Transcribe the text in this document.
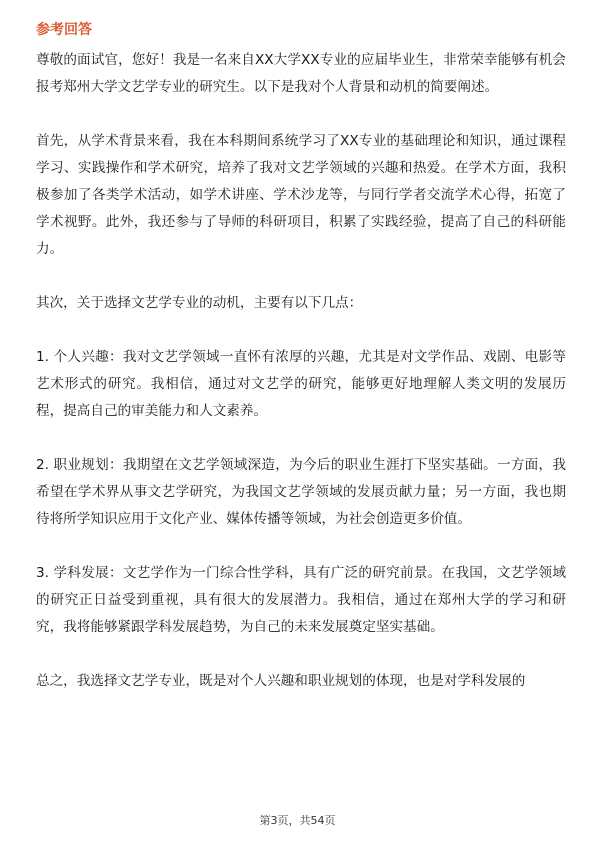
参考回答

尊敬的面试官，您好！我是一名来自XX大学XX专业的应届毕业生，非常荣幸能够有机会报考郑州大学文艺学专业的研究生。以下是我对个人背景和动机的简要阐述。

首先，从学术背景来看，我在本科期间系统学习了XX专业的基础理论和知识，通过课程学习、实践操作和学术研究，培养了我对文艺学领域的兴趣和热爱。在学术方面，我积极参加了各类学术活动，如学术讲座、学术沙龙等，与同行学者交流学术心得，拓宽了学术视野。此外，我还参与了导师的科研项目，积累了实践经验，提高了自己的科研能力。

其次，关于选择文艺学专业的动机，主要有以下几点：

1. 个人兴趣：我对文艺学领域一直怀有浓厚的兴趣，尤其是对文学作品、戏剧、电影等艺术形式的研究。我相信，通过对文艺学的研究，能够更好地理解人类文明的发展历程，提高自己的审美能力和人文素养。

2. 职业规划：我期望在文艺学领域深造，为今后的职业生涯打下坚实基础。一方面，我希望在学术界从事文艺学研究，为我国文艺学领域的发展贡献力量；另一方面，我也期待将所学知识应用于文化产业、媒体传播等领域，为社会创造更多价值。

3. 学科发展：文艺学作为一门综合性学科，具有广泛的研究前景。在我国，文艺学领域的研究正日益受到重视，具有很大的发展潜力。我相信，通过在郑州大学的学习和研究，我将能够紧跟学科发展趋势，为自己的未来发展奠定坚实基础。

总之，我选择文艺学专业，既是对个人兴趣和职业规划的体现，也是对学科发展的

第3页，共54页
